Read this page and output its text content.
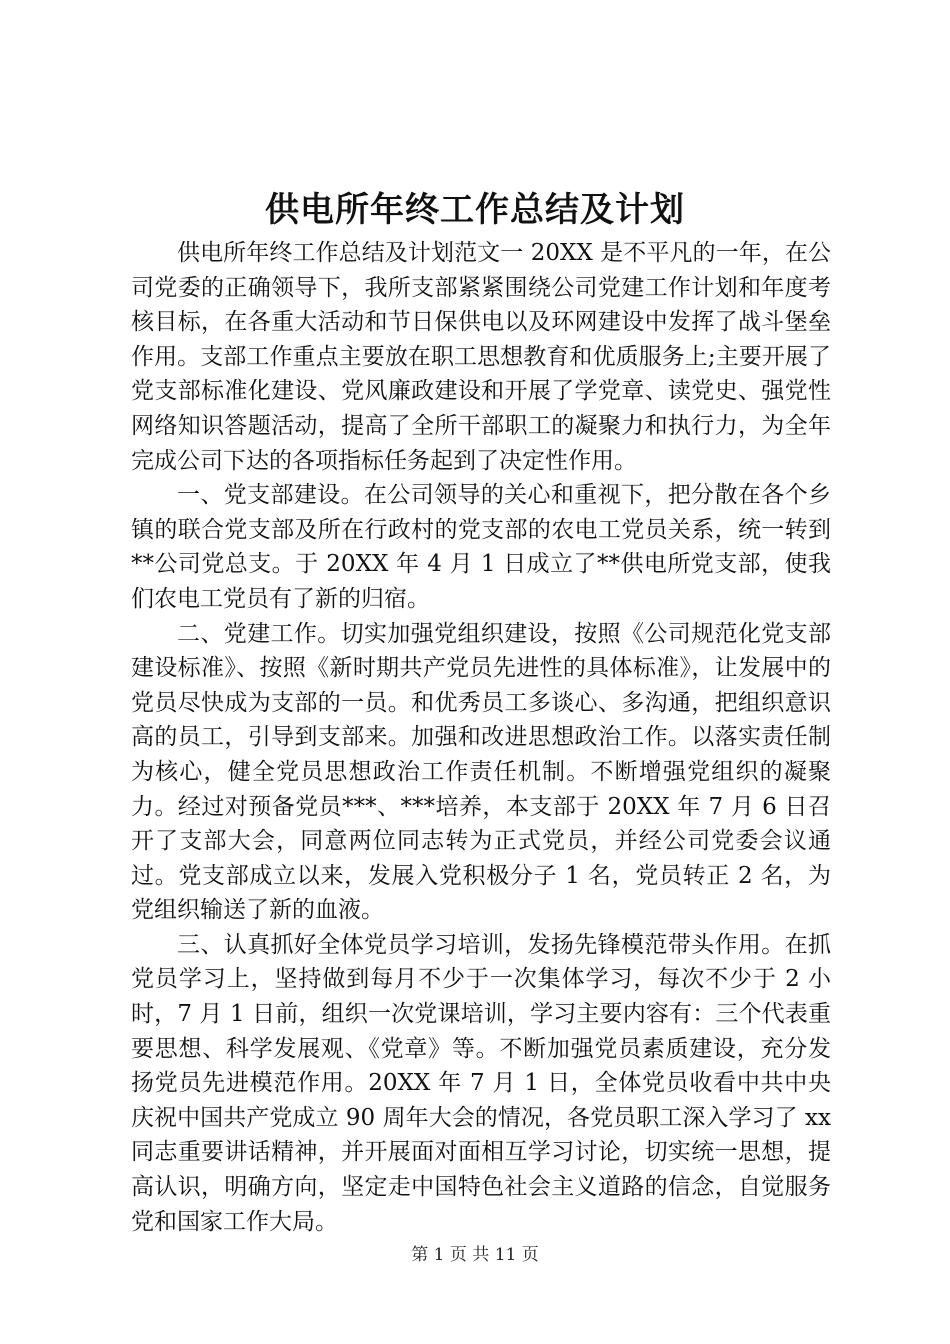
供电所年终工作总结及计划

供电所年终工作总结及计划范文一 20XX 是不平凡的一年，在公司党委的正确领导下，我所支部紧紧围绕公司党建工作计划和年度考核目标，在各重大活动和节日保供电以及环网建设中发挥了战斗堡垒作用。支部工作重点主要放在职工思想教育和优质服务上;主要开展了党支部标准化建设、党风廉政建设和开展了学党章、读党史、强党性网络知识答题活动，提高了全所干部职工的凝聚力和执行力，为全年完成公司下达的各项指标任务起到了决定性作用。

一、党支部建设。在公司领导的关心和重视下，把分散在各个乡镇的联合党支部及所在行政村的党支部的农电工党员关系，统一转到**公司党总支。于 20XX 年 4 月 1 日成立了**供电所党支部，使我们农电工党员有了新的归宿。

二、党建工作。切实加强党组织建设，按照《公司规范化党支部建设标准》、按照《新时期共产党员先进性的具体标准》，让发展中的党员尽快成为支部的一员。和优秀员工多谈心、多沟通，把组织意识高的员工，引导到支部来。加强和改进思想政治工作。以落实责任制为核心，健全党员思想政治工作责任机制。不断增强党组织的凝聚力。经过对预备党员***、***培养，本支部于 20XX 年 7 月 6 日召开了支部大会，同意两位同志转为正式党员，并经公司党委会议通过。党支部成立以来，发展入党积极分子 1 名，党员转正 2 名，为党组织输送了新的血液。

三、认真抓好全体党员学习培训，发扬先锋模范带头作用。在抓党员学习上，坚持做到每月不少于一次集体学习，每次不少于 2 小时，7 月 1 日前，组织一次党课培训，学习主要内容有：三个代表重要思想、科学发展观、《党章》等。不断加强党员素质建设，充分发扬党员先进模范作用。20XX 年 7 月 1 日，全体党员收看中共中央庆祝中国共产党成立 90 周年大会的情况，各党员职工深入学习了 xx 同志重要讲话精神，并开展面对面相互学习讨论，切实统一思想，提高认识，明确方向，坚定走中国特色社会主义道路的信念，自觉服务党和国家工作大局。

第 1 页 共 11 页
